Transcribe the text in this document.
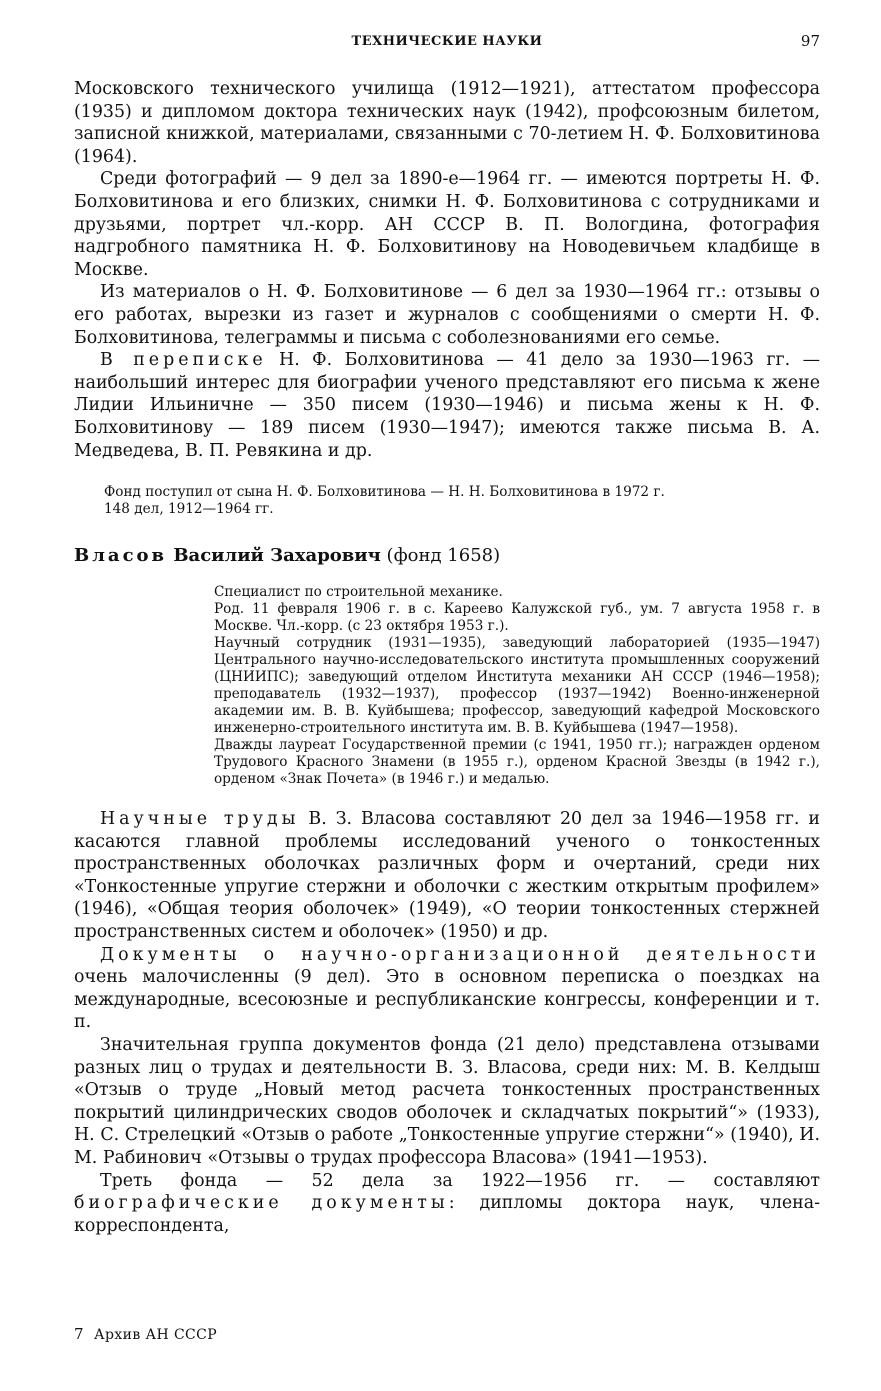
ТЕХНИЧЕСКИЕ НАУКИ	97

Московского технического училища (1912—1921), аттестатом профессора (1935) и дипломом доктора технических наук (1942), профсоюзным билетом, записной книжкой, материалами, связанными с 70-летием Н. Ф. Болховитинова (1964).

Среди фотографий — 9 дел за 1890-е—1964 гг. — имеются портреты Н. Ф. Болховитинова и его близких, снимки Н. Ф. Болховитинова с сотрудниками и друзьями, портрет чл.-корр. АН СССР В. П. Вологдина, фотография надгробного памятника Н. Ф. Болховитинову на Новодевичьем кладбище в Москве.

Из материалов о Н. Ф. Болховитинове — 6 дел за 1930—1964 гг.: отзывы о его работах, вырезки из газет и журналов с сообщениями о смерти Н. Ф. Болховитинова, телеграммы и письма с соболезнованиями его семье.

В переписке Н. Ф. Болховитинова — 41 дело за 1930—1963 гг. — наибольший интерес для биографии ученого представляют его письма к жене Лидии Ильиничне — 350 писем (1930—1946) и письма жены к Н. Ф. Болховитинову — 189 писем (1930—1947); имеются также письма В. А. Медведева, В. П. Ревякина и др.

Фонд поступил от сына Н. Ф. Болховитинова — Н. Н. Болховитинова в 1972 г.

148 дел, 1912—1964 гг.

Власов Василий Захарович (фонд 1658)

Специалист по строительной механике.

Род. 11 февраля 1906 г. в с. Кареево Калужской губ., ум. 7 августа 1958 г. в Москве. Чл.-корр. (с 23 октября 1953 г.).

Научный сотрудник (1931—1935), заведующий лабораторией (1935—1947) Центрального научно-исследовательского института промышленных сооружений (ЦНИИПС); заведующий отделом Института механики АН СССР (1946—1958); преподаватель (1932—1937), профессор (1937—1942) Военно-инженерной академии им. В. В. Куйбышева; профессор, заведующий кафедрой Московского инженерно-строительного института им. В. В. Куйбышева (1947—1958).

Дважды лауреат Государственной премии (с 1941, 1950 гг.); награжден орденом Трудового Красного Знамени (в 1955 г.), орденом Красной Звезды (в 1942 г.), орденом «Знак Почета» (в 1946 г.) и медалью.

Научные труды В. З. Власова составляют 20 дел за 1946—1958 гг. и касаются главной проблемы исследований ученого о тонкостенных пространственных оболочках различных форм и очертаний, среди них «Тонкостенные упругие стержни и оболочки с жестким открытым профилем» (1946), «Общая теория оболочек» (1949), «О теории тонкостенных стержней пространственных систем и оболочек» (1950) и др.

Документы о научно-организационной деятельности очень малочисленны (9 дел). Это в основном переписка о поездках на международные, всесоюзные и республиканские конгрессы, конференции и т. п.

Значительная группа документов фонда (21 дело) представлена отзывами разных лиц о трудах и деятельности В. З. Власова, среди них: М. В. Келдыш «Отзыв о труде „Новый метод расчета тонкостенных пространственных покрытий цилиндрических сводов оболочек и складчатых покрытий“» (1933), Н. С. Стрелецкий «Отзыв о работе „Тонкостенные упругие стержни“» (1940), И. М. Рабинович «Отзывы о трудах профессора Власова» (1941—1953).

Треть фонда — 52 дела за 1922—1956 гг. — составляют биографические документы: дипломы доктора наук, члена-корреспондента,

7 Архив АН СССР
